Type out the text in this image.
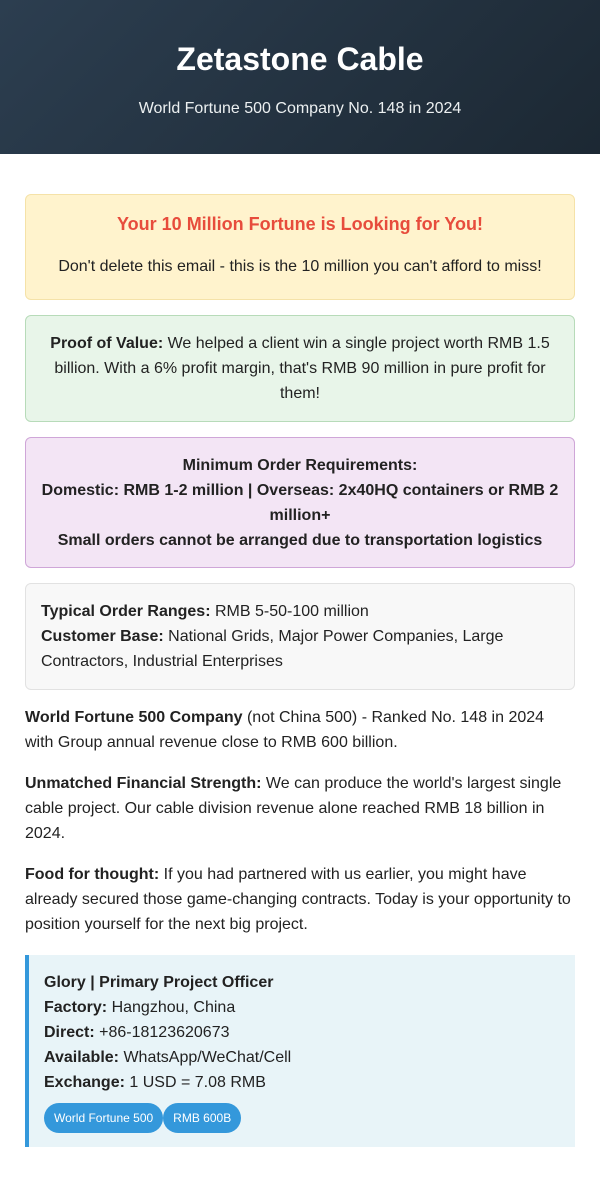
Zetastone Cable
World Fortune 500 Company No. 148 in 2024
Your 10 Million Fortune is Looking for You!
Don't delete this email - this is the 10 million you can't afford to miss!
Proof of Value: We helped a client win a single project worth RMB 1.5 billion. With a 6% profit margin, that's RMB 90 million in pure profit for them!
Minimum Order Requirements:
Domestic: RMB 1-2 million | Overseas: 2x40HQ containers or RMB 2 million+
Small orders cannot be arranged due to transportation logistics
Typical Order Ranges: RMB 5-50-100 million
Customer Base: National Grids, Major Power Companies, Large Contractors, Industrial Enterprises

World Fortune 500 Company (not China 500) - Ranked No. 148 in 2024 with Group annual revenue close to RMB 600 billion.

Unmatched Financial Strength: We can produce the world's largest single cable project. Our cable division revenue alone reached RMB 18 billion in 2024.

Food for thought: If you had partnered with us earlier, you might have already secured those game-changing contracts. Today is your opportunity to position yourself for the next big project.

Glory | Primary Project Officer
Factory: Hangzhou, China
Direct: +86-18123620673
Available: WhatsApp/WeChat/Cell
Exchange: 1 USD = 7.08 RMB
World Fortune 500	RMB 600B
